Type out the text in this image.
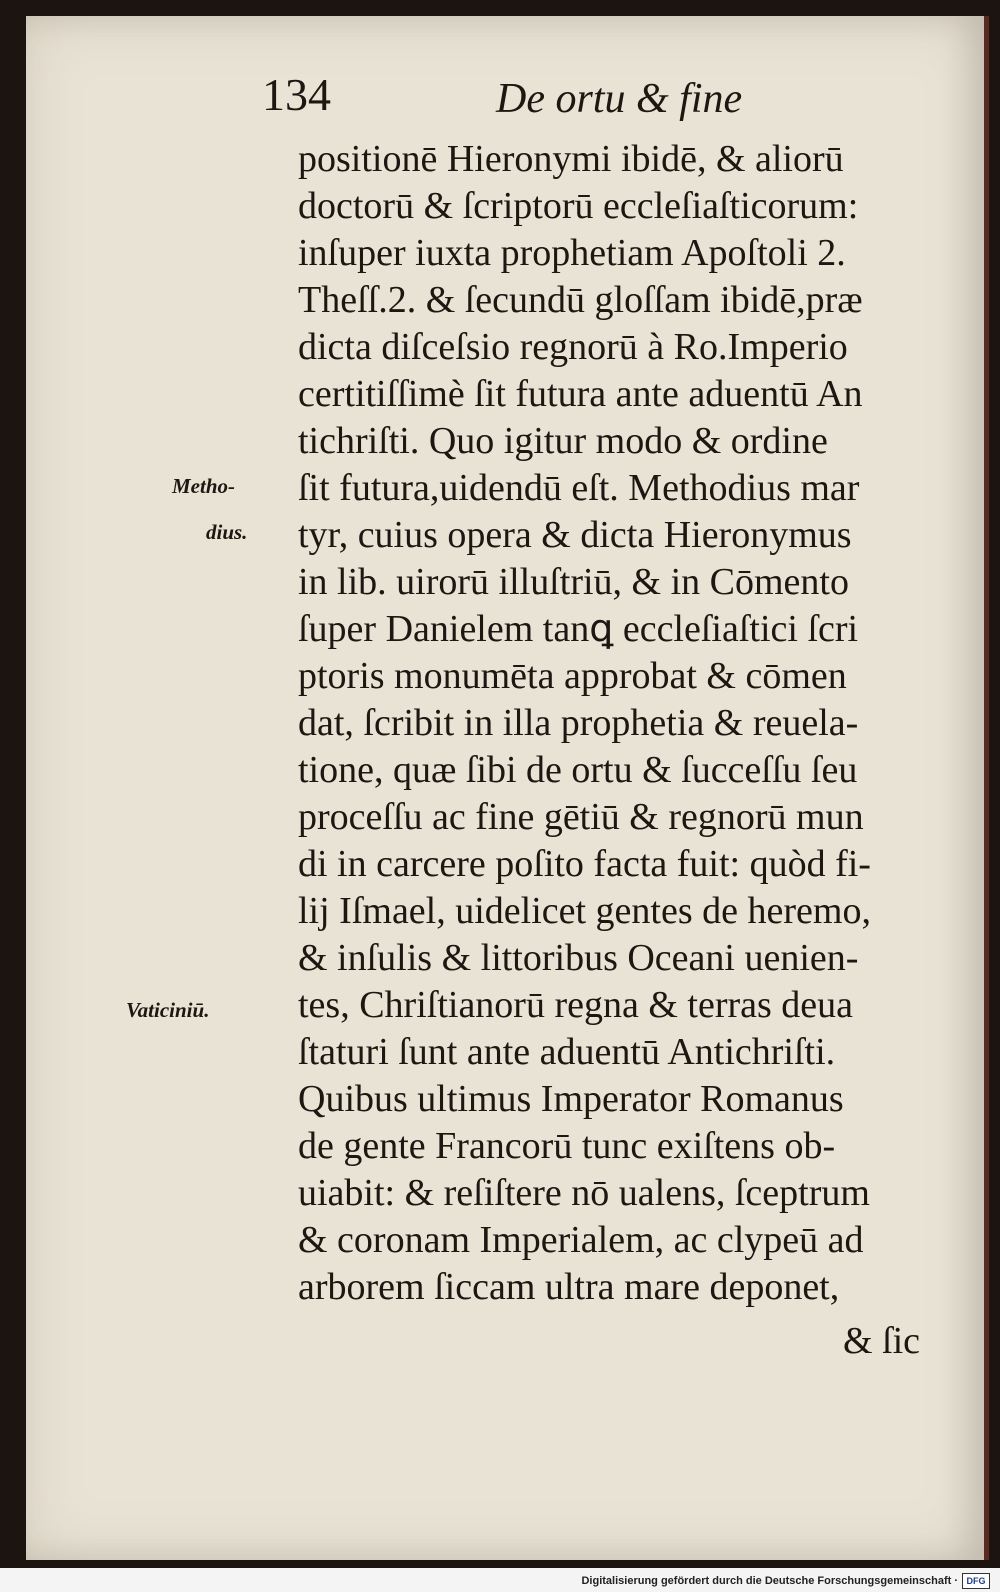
134	De ortu & fine
positionē Hieronymi ibidē, & aliorū
doctorū & ſcriptorū eccleſiaſticorum:
inſuper iuxta prophetiam Apoſtoli 2.
Theſſ.2. & ſecundū gloſſam ibidē,præ
dicta diſceſsio regnorū à Ro.Imperio
certitiſſimè ſit futura ante aduentū An
tichriſti. Quo igitur modo & ordine
ſit futura,uidendū eſt. Methodius mar
tyr, cuius opera & dicta Hieronymus
in lib. uirorū illuſtriū, & in Cōmento
ſuper Danielem tanꝗ eccleſiaſtici ſcri
ptoris monumēta approbat & cōmen
dat, ſcribit in illa prophetia & reuela-
tione, quæ ſibi de ortu & ſucceſſu ſeu
proceſſu ac fine gētiū & regnorū mun
di in carcere poſito facta fuit: quòd fi-
lij Iſmael, uidelicet gentes de heremo,
& inſulis & littoribus Oceani uenien-
tes, Chriſtianorū regna & terras deua
ſtaturi ſunt ante aduentū Antichriſti.
Quibus ultimus Imperator Romanus
de gente Francorū tunc exiſtens ob-
uiabit: & reſiſtere nō ualens, ſceptrum
& coronam Imperialem, ac clypeū ad
arborem ſiccam ultra mare deponet,
& ſic
Metho-
dius.
Vaticiniū.
Digitalisierung gefördert durch die Deutsche Forschungsgemeinschaft · DFG
